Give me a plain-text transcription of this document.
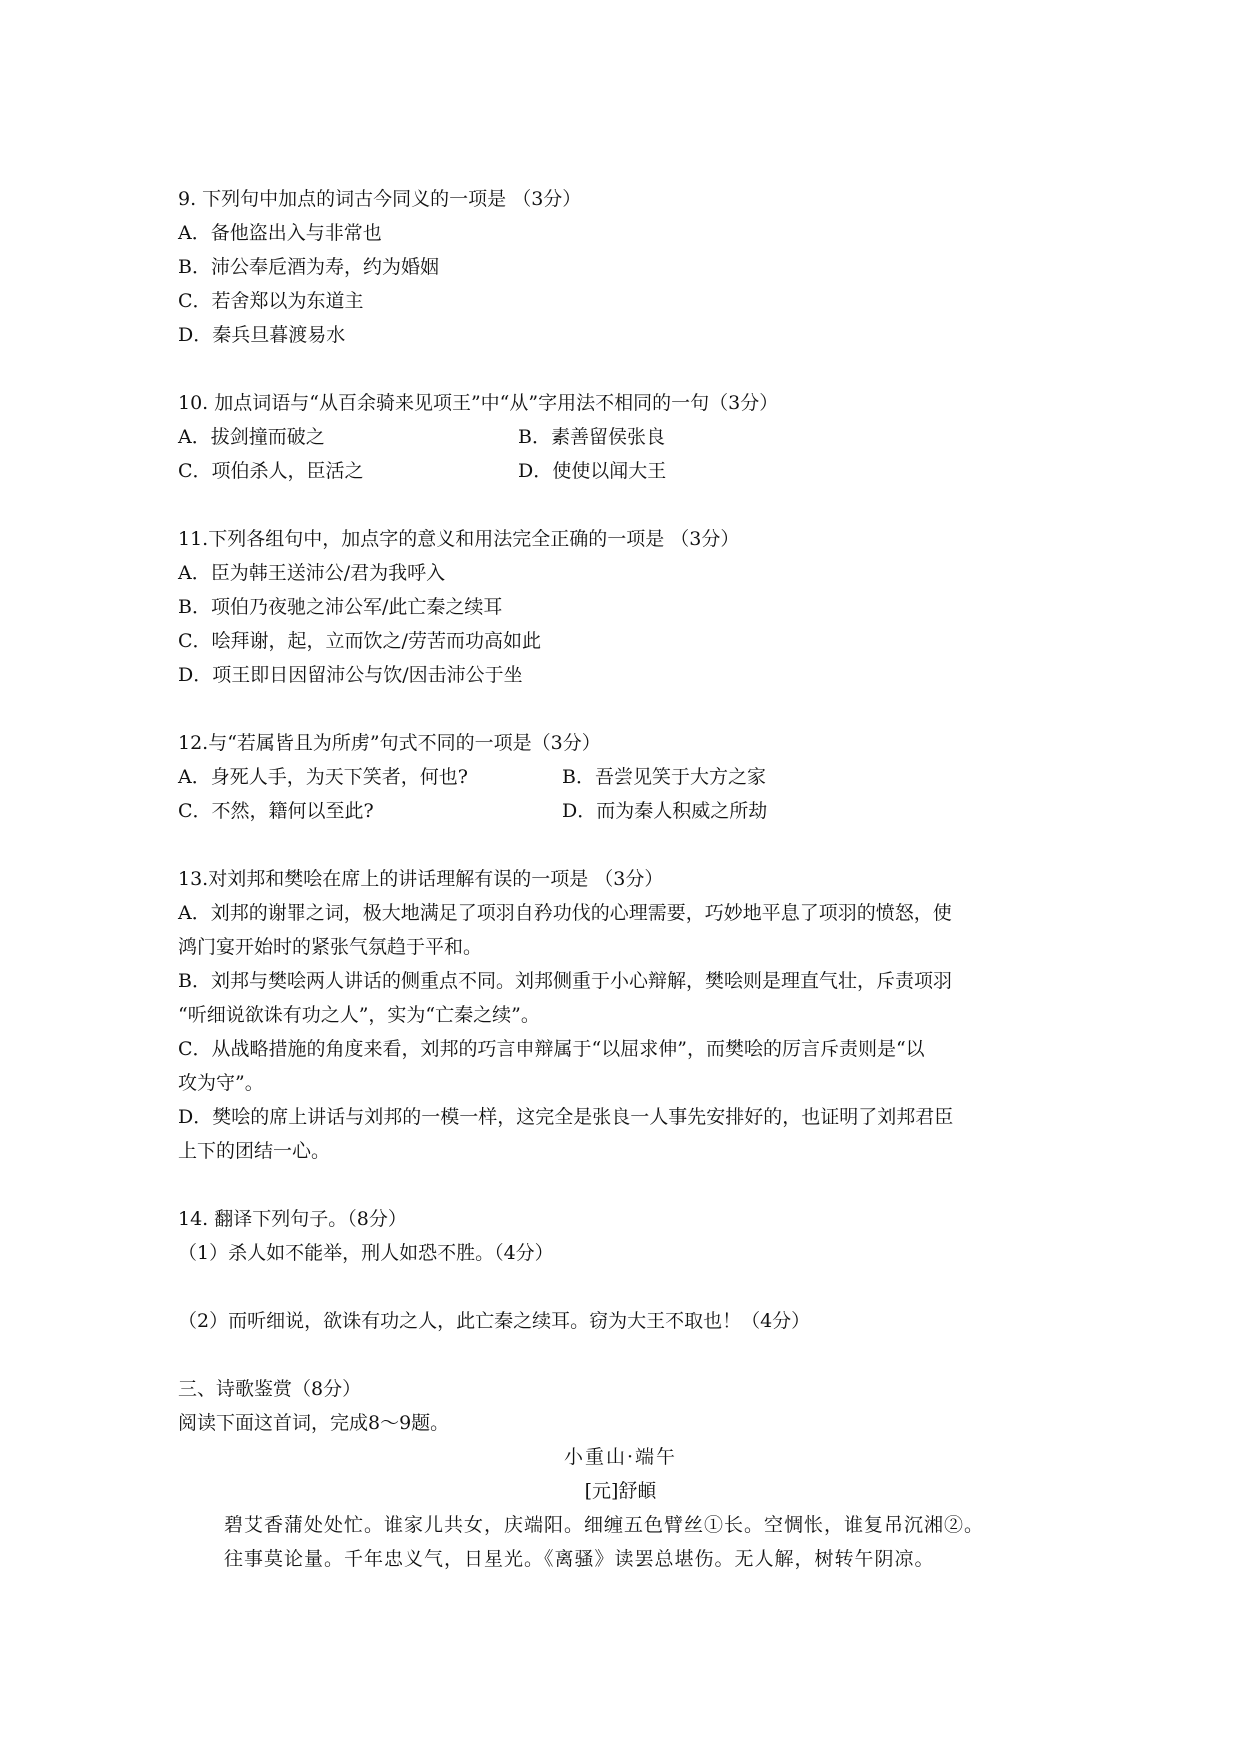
9. 下列句中加点的词古今同义的一项是 （3分）
A．备他盗出入与非常也
B．沛公奉卮酒为寿，约为婚姻
C．若舍郑以为东道主
D．秦兵旦暮渡易水
10. 加点词语与“从百余骑来见项王”中“从”字用法不相同的一句（3分）
A．拔剑撞而破之	B．素善留侯张良
C．项伯杀人，臣活之	D．使使以闻大王
11.下列各组句中，加点字的意义和用法完全正确的一项是 （3分）
A．臣为韩王送沛公/君为我呼入
B．项伯乃夜驰之沛公军/此亡秦之续耳
C．哙拜谢，起，立而饮之/劳苦而功高如此
D．项王即日因留沛公与饮/因击沛公于坐
12.与“若属皆且为所虏”句式不同的一项是（3分）
A．身死人手，为天下笑者，何也?	B．吾尝见笑于大方之家
C．不然，籍何以至此?	D．而为秦人积威之所劫
13.对刘邦和樊哙在席上的讲话理解有误的一项是 （3分）
A．刘邦的谢罪之词，极大地满足了项羽自矜功伐的心理需要，巧妙地平息了项羽的愤怒，使
鸿门宴开始时的紧张气氛趋于平和。
B．刘邦与樊哙两人讲话的侧重点不同。刘邦侧重于小心辩解，樊哙则是理直气壮，斥责项羽
“听细说欲诛有功之人”，实为“亡秦之续”。
C．从战略措施的角度来看，刘邦的巧言申辩属于“以屈求伸”，而樊哙的厉言斥责则是“以
攻为守”。
D．樊哙的席上讲话与刘邦的一模一样，这完全是张良一人事先安排好的，也证明了刘邦君臣
上下的团结一心。
14. 翻译下列句子。（8分）
（1）杀人如不能举，刑人如恐不胜。（4分）
（2）而听细说，欲诛有功之人，此亡秦之续耳。窃为大王不取也！（4分）
三、诗歌鉴赏（8分）
阅读下面这首词，完成8～9题。
小重山·端午
[元]舒頔
碧艾香蒲处处忙。谁家儿共女，庆端阳。细缠五色臂丝①长。空惆怅，谁复吊沉湘②。
往事莫论量。千年忠义气，日星光。《离骚》读罢总堪伤。无人解，树转午阴凉。
